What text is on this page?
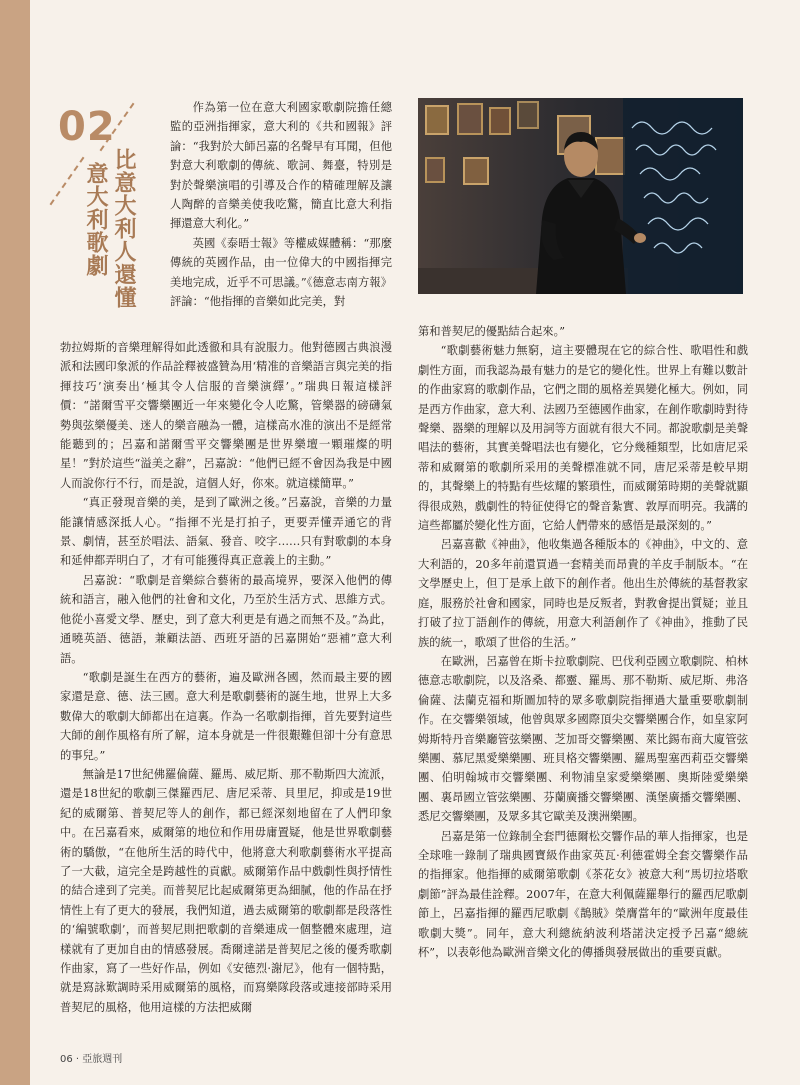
02
比意大利人還懂
意大利歌劇

作為第一位在意大利國家歌劇院擔任總監的亞洲指揮家，意大利的《共和國報》評論：“我對於大師呂嘉的名聲早有耳聞，但他對意大利歌劇的傳統、歌詞、舞臺，特別是對於聲樂演唱的引導及合作的精確理解及讓人陶醉的音樂美使我吃驚，簡直比意大利指揮還意大利化。”

英國《泰晤士報》等權威媒體稱：“那麼傳統的英國作品，由一位偉大的中國指揮完美地完成，近乎不可思議。”《德意志南方報》評論：“他指揮的音樂如此完美，對

勃拉姆斯的音樂理解得如此透徹和具有說服力。他對德國古典浪漫派和法國印象派的作品詮釋被盛贊為用‘精准的音樂語言與完美的指揮技巧’演奏出‘極其令人信服的音樂演繹’。”瑞典日報這樣評價：“諾爾雪平交響樂團近一年來變化令人吃驚，管樂器的磅礴氣勢與弦樂優美、迷人的樂音融為一體，這樣高水准的演出不是經常能聽到的；呂嘉和諾爾雪平交響樂團是世界樂壇一顆璀燦的明星！”對於這些“溢美之辭”，呂嘉說：“他們已經不會因為我是中國人而說你行不行，而是說，這個人好，你來。就這樣簡單。”

“真正發現音樂的美，是到了歐洲之後。”呂嘉說，音樂的力量能讓情感深抵人心。“指揮不光是打拍子，更要弄懂弄通它的背景、劇情，甚至於唱法、語氣、發音、咬字……只有對歌劇的本身和延伸都弄明白了，才有可能獲得真正意義上的主動。”

呂嘉說：“歌劇是音樂綜合藝術的最高境界，要深入他們的傳統和語言，融入他們的社會和文化，乃至於生活方式、思維方式。他從小喜愛文學、歷史，到了意大利更是有過之而無不及。”為此，通曉英語、德語，兼顧法語、西班牙語的呂嘉開始“惡補”意大利語。

“歌劇是誕生在西方的藝術，遍及歐洲各國，然而最主要的國家還是意、德、法三國。意大利是歌劇藝術的誕生地，世界上大多數偉大的歌劇大師都出在這裏。作為一名歌劇指揮，首先要對這些大師的創作風格有所了解，這本身就是一件很艱難但卻十分有意思的事兒。”

無論是17世紀佛羅倫薩、羅馬、威尼斯、那不勒斯四大流派，還是18世紀的歌劇三傑羅西尼、唐尼采蒂、貝里尼，抑或是19世紀的威爾第、普契尼等人的創作，都已經深刻地留在了人們印象中。在呂嘉看來，威爾第的地位和作用毋庸置疑，他是世界歌劇藝術的驕傲，“在他所生活的時代中，他將意大利歌劇藝術水平提高了一大截，這完全是跨越性的貢獻。威爾第作品中戲劇性與抒情性的結合達到了完美。而普契尼比起威爾第更為細膩，他的作品在抒情性上有了更大的發展，我們知道，過去威爾第的歌劇都是段落性的‘編號歌劇’，而普契尼則把歌劇的音樂連成一個整體來處理，這樣就有了更加自由的情感發展。喬爾達諾是普契尼之後的優秀歌劇作曲家，寫了一些好作品，例如《安德烈·謝尼》，他有一個特點，就是寫詠歎調時采用威爾第的風格，而寫樂隊段落或連接部時采用普契尼的風格，他用這樣的方法把威爾

第和普契尼的優點結合起來。”

“歌劇藝術魅力無窮，這主要體現在它的綜合性、歌唱性和戲劇性方面，而我認為最有魅力的是它的變化性。世界上有難以數計的作曲家寫的歌劇作品，它們之間的風格差異變化極大。例如，同是西方作曲家，意大利、法國乃至德國作曲家，在創作歌劇時對待聲樂、器樂的理解以及用詞等方面就有很大不同。都說歌劇是美聲唱法的藝術，其實美聲唱法也有變化，它分幾種類型，比如唐尼采蒂和威爾第的歌劇所采用的美聲標准就不同，唐尼采蒂是較早期的，其聲樂上的特點有些炫耀的繁瑣性，而威爾第時期的美聲就顯得很成熟，戲劇性的特征使得它的聲音紮實、敦厚而明亮。我講的這些都屬於變化性方面，它給人們帶來的感悟是最深刻的。”

呂嘉喜歡《神曲》，他收集過各種版本的《神曲》，中文的、意大利語的，20多年前還買過一套精美而昂貴的羊皮手制版本。“在文學歷史上，但丁是承上啟下的創作者。他出生於傳統的基督教家庭，服務於社會和國家，同時也是反叛者，對教會提出質疑；並且打破了拉丁語創作的傳統，用意大利語創作了《神曲》，推動了民族的統一，歌頌了世俗的生活。”

在歐洲，呂嘉曾在斯卡拉歌劇院、巴伐利亞國立歌劇院、柏林德意志歌劇院，以及洛桑、都靈、羅馬、那不勒斯、威尼斯、弗洛倫薩、法蘭克福和斯圖加特的眾多歌劇院指揮過大量重要歌劇制作。在交響樂領域，他曾與眾多國際頂尖交響樂團合作，如皇家阿姆斯特丹音樂廳管弦樂團、芝加哥交響樂團、萊比錫布商大廈管弦樂團、慕尼黑愛樂樂團、班貝格交響樂團、羅馬聖塞西莉亞交響樂團、伯明翰城市交響樂團、利物浦皇家愛樂樂團、奧斯陸愛樂樂團、裏昂國立管弦樂團、芬蘭廣播交響樂團、漢堡廣播交響樂團、悉尼交響樂團，及眾多其它歐美及澳洲樂團。

呂嘉是第一位錄制全套門德爾松交響作品的華人指揮家，也是全球唯一錄制了瑞典國寶級作曲家英瓦·利德霍姆全套交響樂作品的指揮家。他指揮的威爾第歌劇《茶花女》被意大利“馬切拉塔歌劇節”評為最佳詮釋。2007年，在意大利佩薩羅舉行的羅西尼歌劇節上，呂嘉指揮的羅西尼歌劇《鵲賊》榮膺當年的“歐洲年度最佳歌劇大獎”。同年，意大利總統納波利塔諾決定授予呂嘉“總統杯”，以表彰他為歐洲音樂文化的傳播與發展做出的重要貢獻。

06 · 亞旅週刊
